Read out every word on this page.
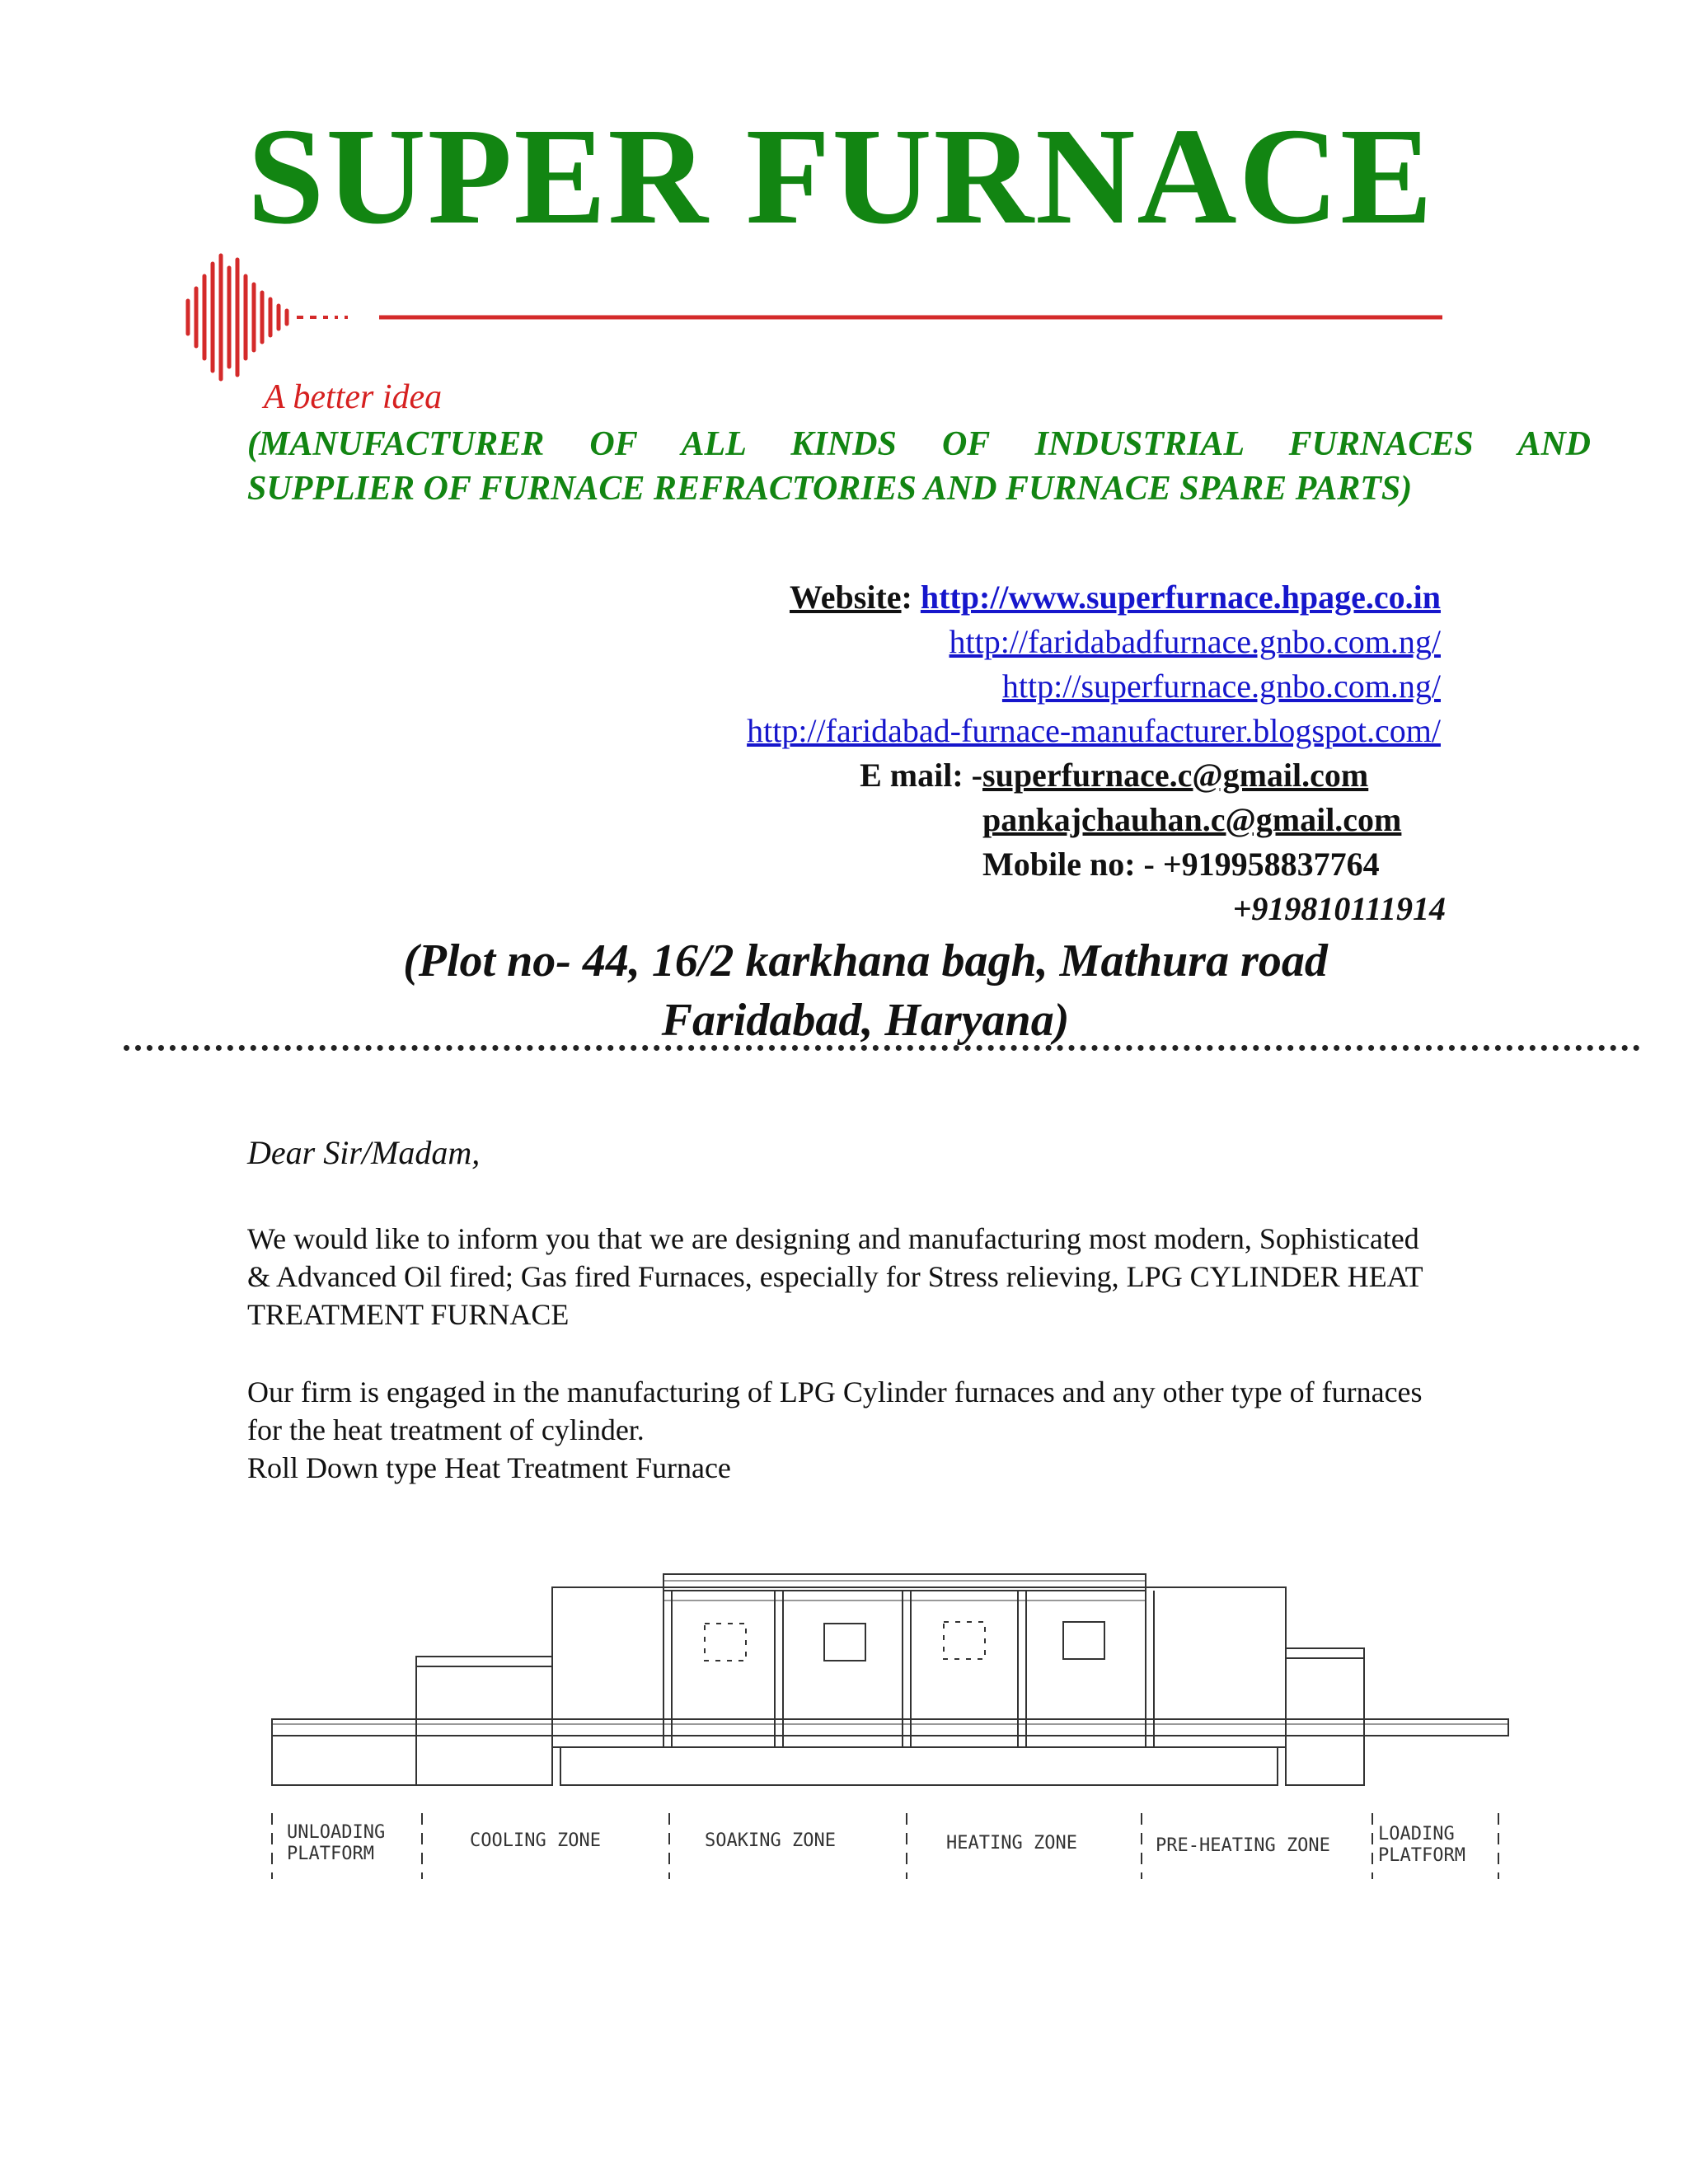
SUPER FURNACE
A better idea
(MANUFACTURER OF ALL KINDS OF INDUSTRIAL FURNACES AND
SUPPLIER OF FURNACE REFRACTORIES AND FURNACE SPARE PARTS)
Website: http://www.superfurnace.hpage.co.in
http://faridabadfurnace.gnbo.com.ng/
http://superfurnace.gnbo.com.ng/
http://faridabad-furnace-manufacturer.blogspot.com/
E mail: - superfurnace.c@gmail.com
pankajchauhan.c@gmail.com
Mobile no: - +919958837764
+919810111914
(Plot no- 44, 16/2 karkhana bagh, Mathura road
Faridabad, Haryana)
Dear Sir/Madam,
We would like to inform you that we are designing and manufacturing most modern, Sophisticated
& Advanced Oil fired; Gas fired Furnaces, especially for Stress relieving, LPG CYLINDER HEAT
TREATMENT FURNACE
Our firm is engaged in the manufacturing of LPG Cylinder furnaces and any other type of furnaces
for the heat treatment of cylinder.
Roll Down type Heat Treatment Furnace
UNLOADING
PLATFORM
COOLING ZONE	SOAKING ZONE	HEATING ZONE	PRE-HEATING ZONE
LOADING
PLATFORM
